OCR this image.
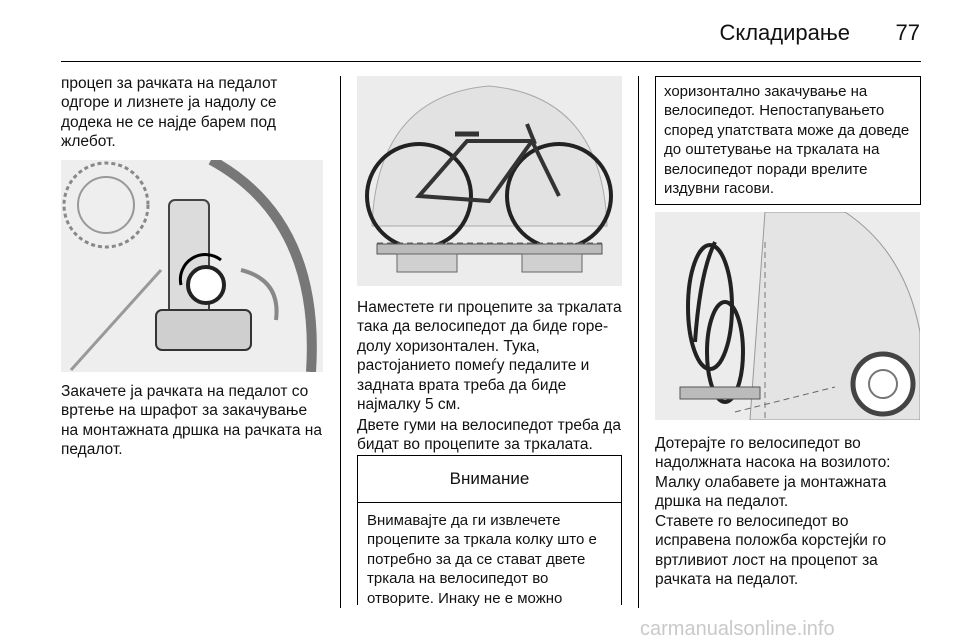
Складирање	77

процеп за рачката на педалот одгоре и лизнете ја надолу се додека не се најде барем под жлебот.

Закачете ја рачката на педалот со вртење на шрафот за закачување на монтажната дршка на рачката на педалот.

Наместете ги процепите за тркалата така да велосипедот да биде горе-долу хоризонтален. Тука, растојанието помеѓу педалите и задната врата треба да биде најмалку 5 см.

Двете гуми на велосипедот треба да бидат во процепите за тркалата.

Внимание
Внимавајте да ги извлечете процепите за тркала колку што е потребно за да се стават двете тркала на велосипедот во отворите. Инаку не е можно
хоризонтално закачување на велосипедот. Непостапувањето според упатствата може да доведе до оштетување на тркалата на велосипедот поради врелите издувни гасови.

Дотерајте го велосипедот во надолжната насока на возилото: Малку олабавете ја монтажната дршка на педалот.

Ставете го велосипедот во исправена положба корстејќи го вртливиот лост на процепот за рачката на педалот.

carmanualsonline.info
